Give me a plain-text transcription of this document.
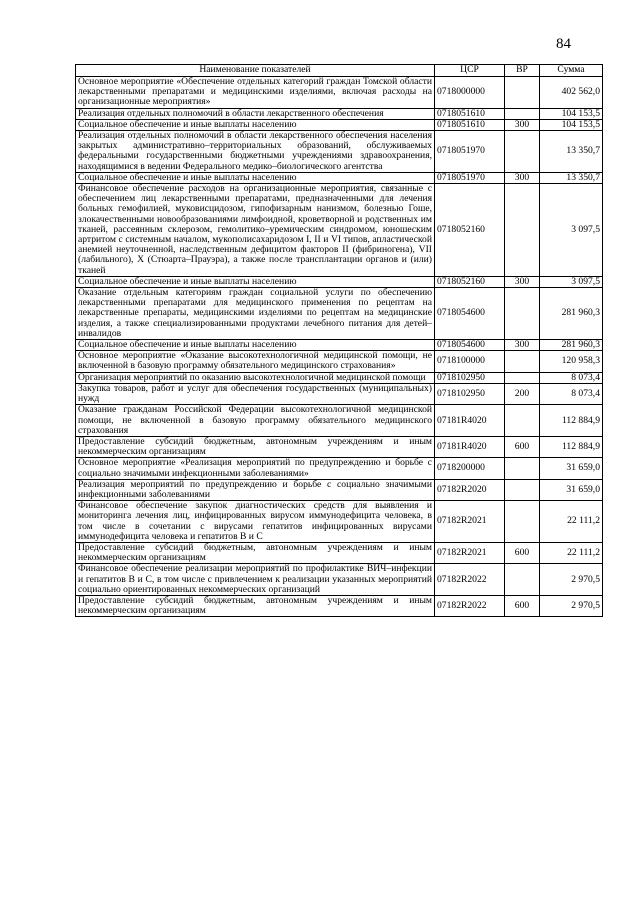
84
Наименование показателей	ЦСР	ВР	Сумма
Основное мероприятие «Обеспечение отдельных категорий граждан Томской области лекарственными препаратами и медицинскими изделиями, включая расходы на организационные мероприятия»	0718000000		402 562,0
Реализация отдельных полномочий в области лекарственного обеспечения	0718051610		104 153,5
Социальное обеспечение и иные выплаты населению	0718051610	300	104 153,5
Реализация отдельных полномочий в области лекарственного обеспечения населения закрытых административно–территориальных образований, обслуживаемых федеральными государственными бюджетными учреждениями здравоохранения, находящимися в ведении Федерального медико–биологического агентства	0718051970		13 350,7
Социальное обеспечение и иные выплаты населению	0718051970	300	13 350,7
Финансовое обеспечение расходов на организационные мероприятия, связанные с обеспечением лиц лекарственными препаратами, предназначенными для лечения больных гемофилией, муковисцидозом, гипофизарным нанизмом, болезнью Гоше, злокачественными новообразованиями лимфоидной, кроветворной и родственных им тканей, рассеянным склерозом, гемолитико–уремическим синдромом, юношеским артритом с системным началом, мукополисахаридозом I, II и VI типов, апластической анемией неуточненной, наследственным дефицитом факторов II (фибриногена), VII (лабильного), X (Стюарта–Прауэра), а также после трансплантации органов и (или) тканей	0718052160		3 097,5
Социальное обеспечение и иные выплаты населению	0718052160	300	3 097,5
Оказание отдельным категориям граждан социальной услуги по обеспечению лекарственными препаратами для медицинского применения по рецептам на лекарственные препараты, медицинскими изделиями по рецептам на медицинские изделия, а также специализированными продуктами лечебного питания для детей–инвалидов	0718054600		281 960,3
Социальное обеспечение и иные выплаты населению	0718054600	300	281 960,3
Основное мероприятие «Оказание высокотехнологичной медицинской помощи, не включенной в базовую программу обязательного медицинского страхования»	0718100000		120 958,3
Организация мероприятий по оказанию высокотехнологичной медицинской помощи	0718102950		8 073,4
Закупка товаров, работ и услуг для обеспечения государственных (муниципальных) нужд	0718102950	200	8 073,4
Оказание гражданам Российской Федерации высокотехнологичной медицинской помощи, не включенной в базовую программу обязательного медицинского страхования	07181R4020		112 884,9
Предоставление субсидий бюджетным, автономным учреждениям и иным некоммерческим организациям	07181R4020	600	112 884,9
Основное мероприятие «Реализация мероприятий по предупреждению и борьбе с социально значимыми инфекционными заболеваниями»	0718200000		31 659,0
Реализация мероприятий по предупреждению и борьбе с социально значимыми инфекционными заболеваниями	07182R2020		31 659,0
Финансовое обеспечение закупок диагностических средств для выявления и мониторинга лечения лиц, инфицированных вирусом иммунодефицита человека, в том числе в сочетании с вирусами гепатитов инфицированных вирусами иммунодефицита человека и гепатитов В и С	07182R2021		22 111,2
Предоставление субсидий бюджетным, автономным учреждениям и иным некоммерческим организациям	07182R2021	600	22 111,2
Финансовое обеспечение реализации мероприятий по профилактике ВИЧ–инфекции и гепатитов В и С, в том числе с привлечением к реализации указанных мероприятий социально ориентированных некоммерческих организаций	07182R2022		2 970,5
Предоставление субсидий бюджетным, автономным учреждениям и иным некоммерческим организациям	07182R2022	600	2 970,5
